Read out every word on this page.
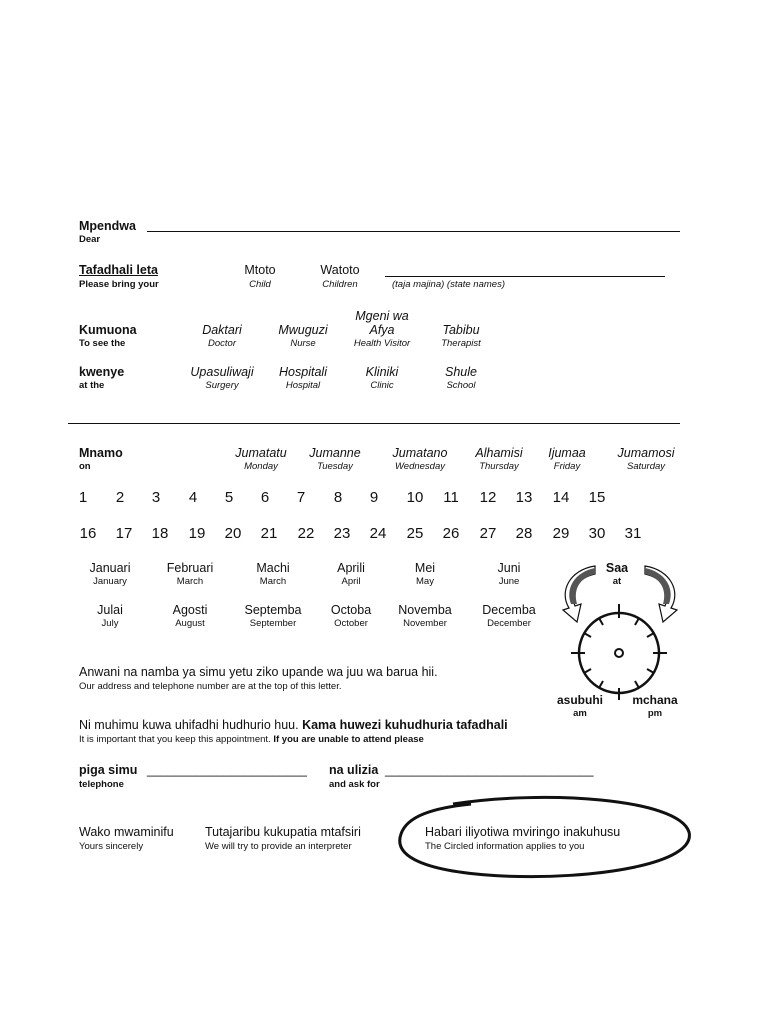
Mpendwa
Dear
Tafadhali leta
Please bring your
Mtoto
Child
Watoto
Children	(taja majina) (state names)
Kumuona
To see the
Daktari
Doctor
Mwuguzi
Nurse
Mgeni wa
Afya
Health Visitor
Tabibu
Therapist
kwenye
at the
Upasuliwaji
Surgery
Hospitali
Hospital
Kliniki
Clinic
Shule
School
Mnamo
on
Jumatatu
Monday
Jumanne
Tuesday
Jumatano
Wednesday
Alhamisi
Thursday
Ijumaa
Friday
Jumamosi
Saturday
1 2 3 4 5 6 7 8 9 10 11 12 13 14 15
16 17 18 19 20 21 22 23 24 25 26 27 28 29 30 31
Januari
January
Februari
March
Machi
March
Aprili
April
Mei
May
Juni
June
Julai
July
Agosti
August
Septemba
September
Octoba
October
Novemba
November
Decemba
December
Saa
at
asubuhi
am
mchana
pm
Anwani na namba ya simu yetu ziko upande wa juu wa barua hii.
Our address and telephone number are at the top of this letter.
Ni muhimu kuwa uhifadhi hudhurio huu. Kama huwezi kuhudhuria tafadhali
It is important that you keep this appointment. If you are unable to attend please
piga simu
telephone
_______________________ na ulizia
and ask for
______________________________
Wako mwaminifu
Yours sincerely
Tutajaribu kukupatia mtafsiri
We will try to provide an interpreter
Habari iliyotiwa mviringo inakuhusu
The Circled information applies to you
